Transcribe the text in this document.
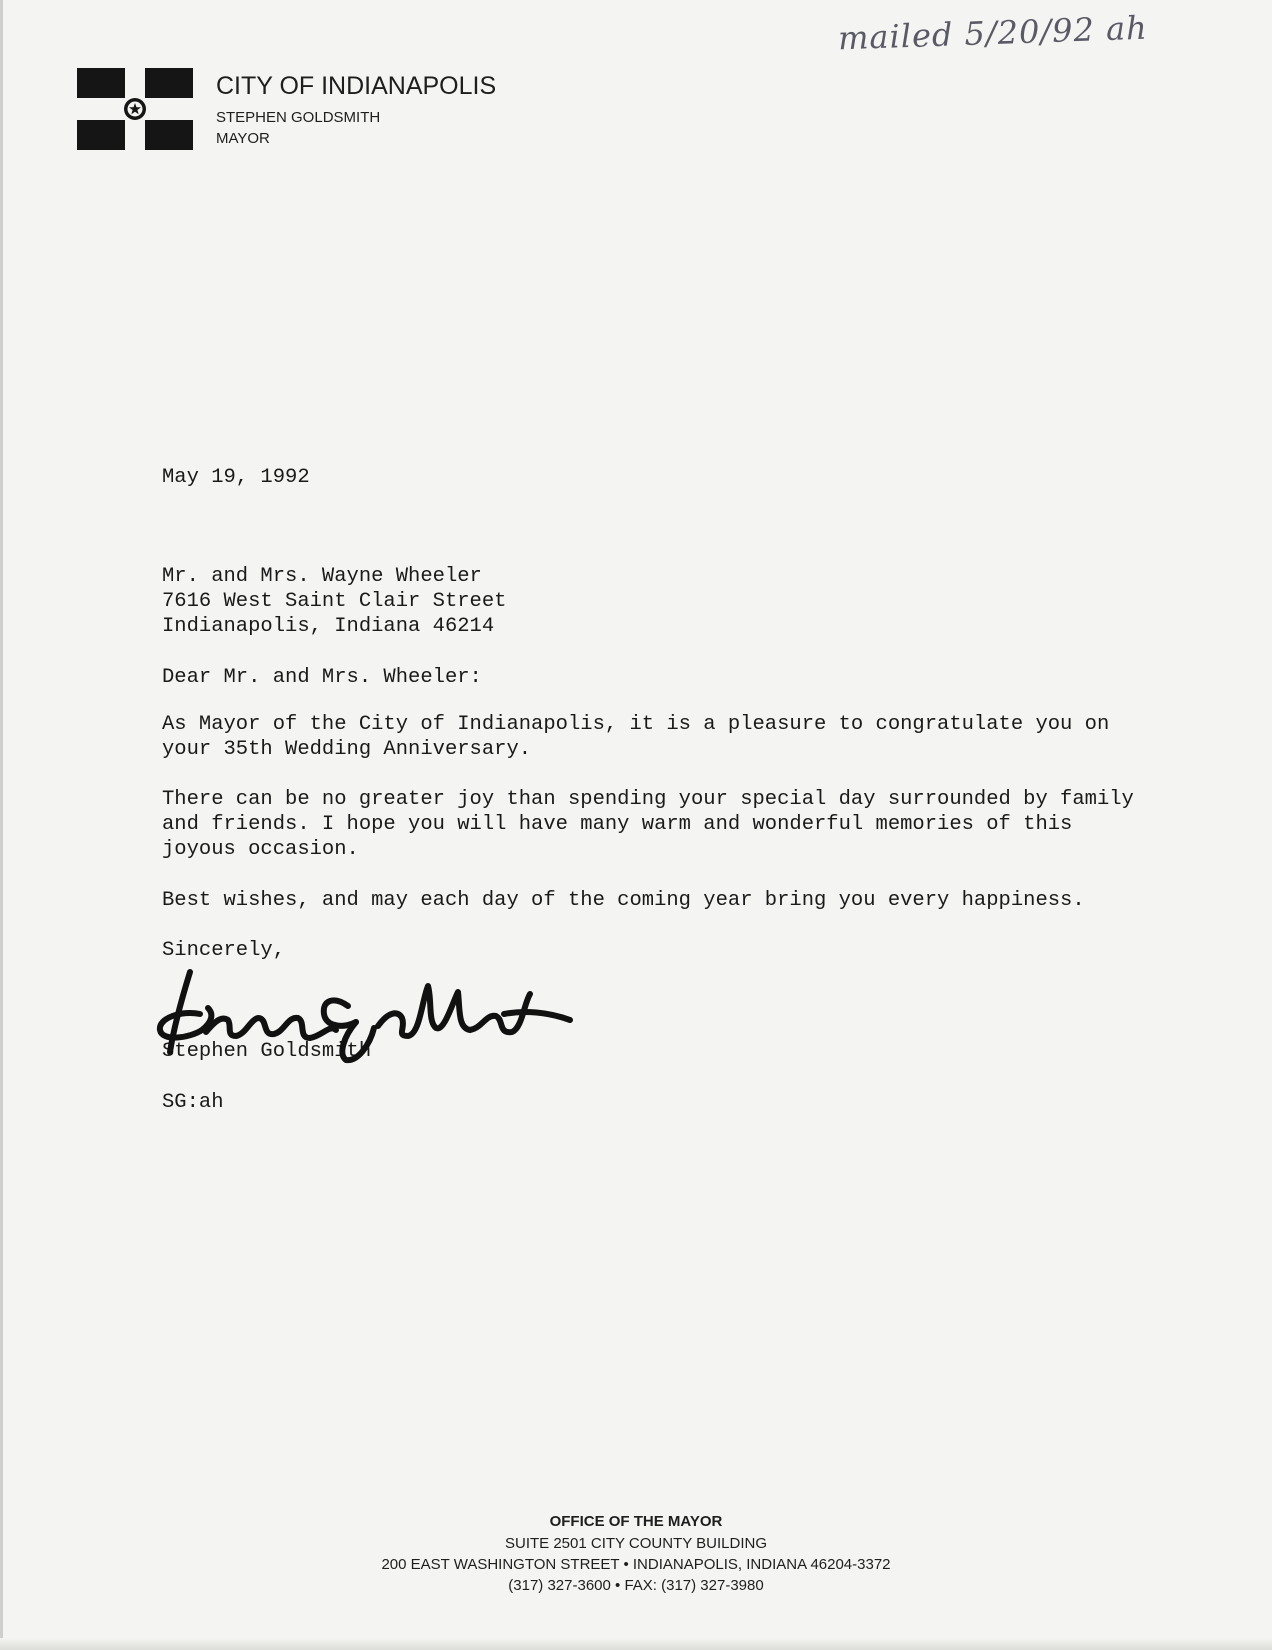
mailed 5/20/92 ah
CITY OF INDIANAPOLIS
STEPHEN GOLDSMITH
MAYOR
May 19, 1992
Mr. and Mrs. Wayne Wheeler
7616 West Saint Clair Street
Indianapolis, Indiana 46214
Dear Mr. and Mrs. Wheeler:
As Mayor of the City of Indianapolis, it is a pleasure to congratulate you on
your 35th Wedding Anniversary.
There can be no greater joy than spending your special day surrounded by family
and friends. I hope you will have many warm and wonderful memories of this
joyous occasion.
Best wishes, and may each day of the coming year bring you every happiness.
Sincerely,
Stephen Goldsmith
SG:ah
OFFICE OF THE MAYOR
SUITE 2501 CITY COUNTY BUILDING
200 EAST WASHINGTON STREET • INDIANAPOLIS, INDIANA 46204-3372
(317) 327-3600 • FAX: (317) 327-3980
